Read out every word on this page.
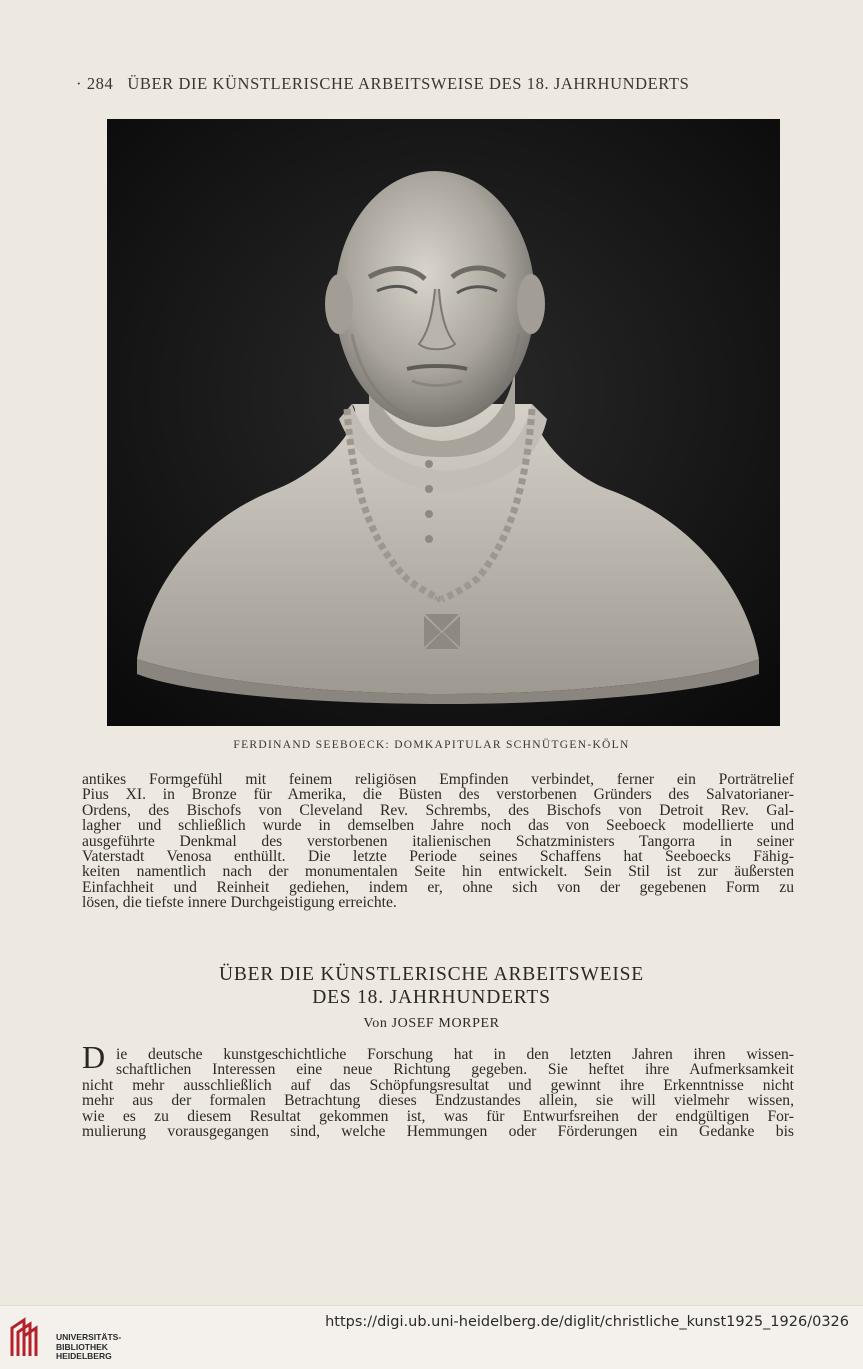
· 284 ÜBER DIE KÜNSTLERISCHE ARBEITSWEISE DES 18. JAHRHUNDERTS
FERDINAND SEEBOECK: DOMKAPITULAR SCHNÜTGEN-KÖLN
antikes Formgefühl mit feinem religiösen Empfinden verbindet, ferner ein Porträtrelief
Pius XI. in Bronze für Amerika, die Büsten des verstorbenen Gründers des Salvatorianer-
Ordens, des Bischofs von Cleveland Rev. Schrembs, des Bischofs von Detroit Rev. Gal-
lagher und schließlich wurde in demselben Jahre noch das von Seeboeck modellierte und
ausgeführte Denkmal des verstorbenen italienischen Schatzministers Tangorra in seiner
Vaterstadt Venosa enthüllt. Die letzte Periode seines Schaffens hat Seeboecks Fähig-
keiten namentlich nach der monumentalen Seite hin entwickelt. Sein Stil ist zur äußersten
Einfachheit und Reinheit gediehen, indem er, ohne sich von der gegebenen Form zu
lösen, die tiefste innere Durchgeistigung erreichte.
ÜBER DIE KÜNSTLERISCHE ARBEITSWEISE
DES 18. JAHRHUNDERTS
Von JOSEF MORPER
D ie deutsche kunstgeschichtliche Forschung hat in den letzten Jahren ihren wissen-
schaftlichen Interessen eine neue Richtung gegeben. Sie heftet ihre Aufmerksamkeit
nicht mehr ausschließlich auf das Schöpfungsresultat und gewinnt ihre Erkenntnisse nicht
mehr aus der formalen Betrachtung dieses Endzustandes allein, sie will vielmehr wissen,
wie es zu diesem Resultat gekommen ist, was für Entwurfsreihen der endgültigen For-
mulierung vorausgegangen sind, welche Hemmungen oder Förderungen ein Gedanke bis
UNIVERSITÄTS-
BIBLIOTHEK
HEIDELBERG
https://digi.ub.uni-heidelberg.de/diglit/christliche_kunst1925_1926/0326
